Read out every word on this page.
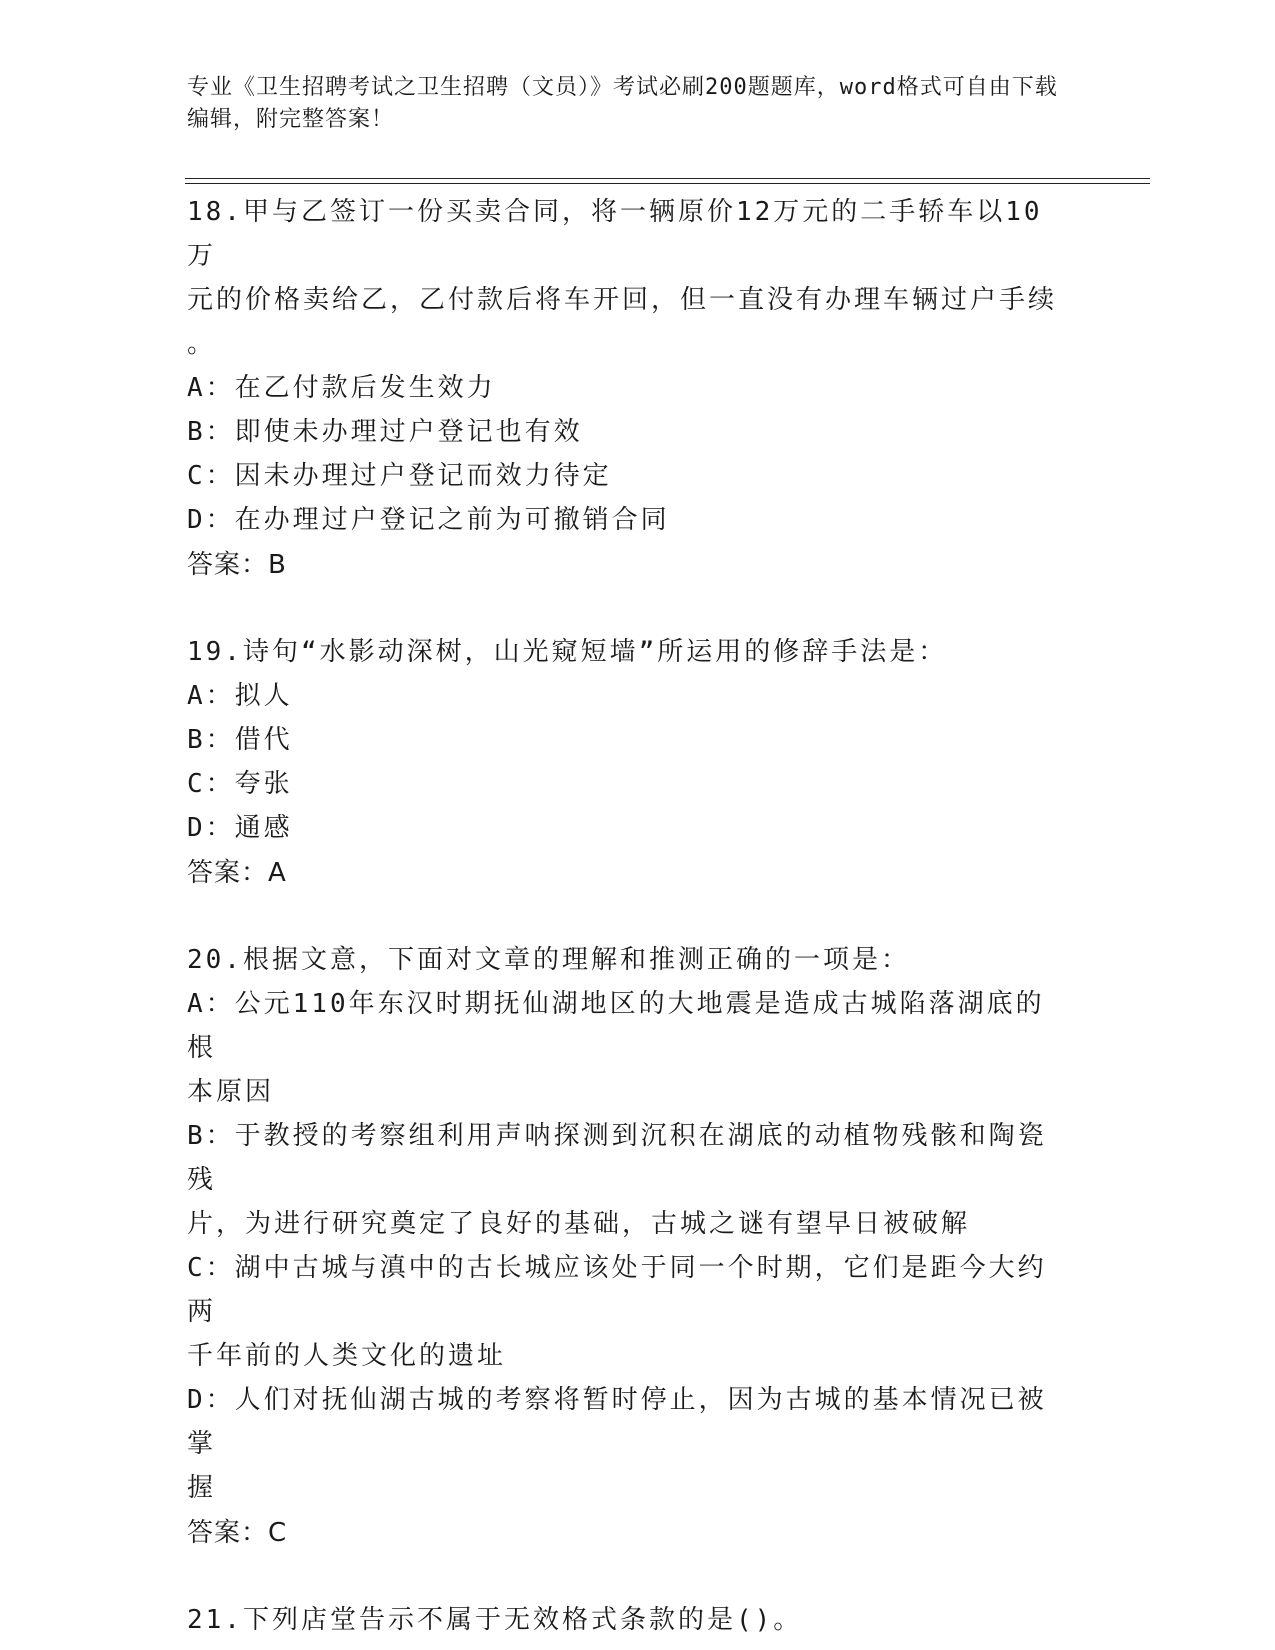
专业《卫生招聘考试之卫生招聘（文员）》考试必刷200题题库，word格式可自由下载编辑，附完整答案！
18.甲与乙签订一份买卖合同，将一辆原价12万元的二手轿车以10万
元的价格卖给乙，乙付款后将车开回，但一直没有办理车辆过户手续
。
A：在乙付款后发生效力
B：即使未办理过户登记也有效
C：因未办理过户登记而效力待定
D：在办理过户登记之前为可撤销合同
答案：B
19.诗句“水影动深树，山光窥短墙”所运用的修辞手法是：
A：拟人
B：借代
C：夸张
D：通感
答案：A
20.根据文意，下面对文章的理解和推测正确的一项是：
A：公元110年东汉时期抚仙湖地区的大地震是造成古城陷落湖底的根
本原因
B：于教授的考察组利用声呐探测到沉积在湖底的动植物残骸和陶瓷残
片，为进行研究奠定了良好的基础，古城之谜有望早日被破解
C：湖中古城与滇中的古长城应该处于同一个时期，它们是距今大约两
千年前的人类文化的遗址
D：人们对抚仙湖古城的考察将暂时停止，因为古城的基本情况已被掌
握
答案：C
21.下列店堂告示不属于无效格式条款的是()。
